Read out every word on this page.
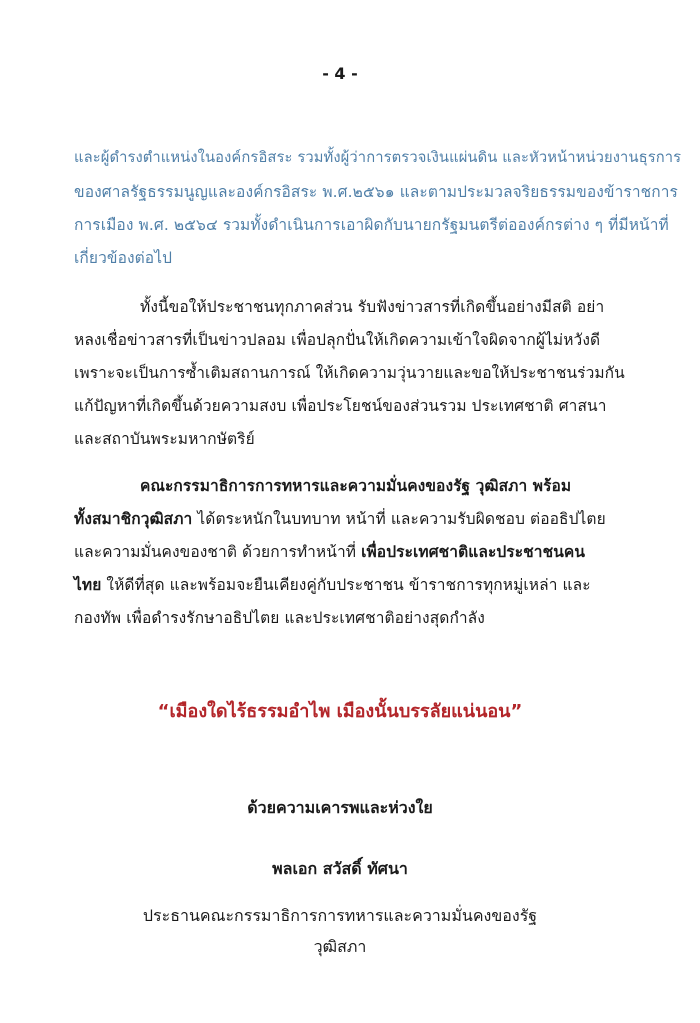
- 4 -
และผู้ดำรงตำแหน่งในองค์กรอิสระ รวมทั้งผู้ว่าการตรวจเงินแผ่นดิน และหัวหน้าหน่วยงานธุรการ
ของศาลรัฐธรรมนูญและองค์กรอิสระ พ.ศ.๒๕๖๑ และตามประมวลจริยธรรมของข้าราชการ
การเมือง พ.ศ. ๒๕๖๔ รวมทั้งดำเนินการเอาผิดกับนายกรัฐมนตรีต่อองค์กรต่าง ๆ ที่มีหน้าที่
เกี่ยวข้องต่อไป
ทั้งนี้ขอให้ประชาชนทุกภาคส่วน รับฟังข่าวสารที่เกิดขึ้นอย่างมีสติ อย่า
หลงเชื่อข่าวสารที่เป็นข่าวปลอม เพื่อปลุกปั่นให้เกิดความเข้าใจผิดจากผู้ไม่หวังดี
เพราะจะเป็นการซ้ำเติมสถานการณ์ ให้เกิดความวุ่นวายและขอให้ประชาชนร่วมกัน
แก้ปัญหาที่เกิดขึ้นด้วยความสงบ เพื่อประโยชน์ของส่วนรวม ประเทศชาติ ศาสนา
และสถาบันพระมหากษัตริย์
คณะกรรมาธิการการทหารและความมั่นคงของรัฐ วุฒิสภา พร้อม
ทั้งสมาชิกวุฒิสภา ได้ตระหนักในบทบาท หน้าที่ และความรับผิดชอบ ต่ออธิปไตย
และความมั่นคงของชาติ ด้วยการทำหน้าที่ เพื่อประเทศชาติและประชาชนคน
ไทย ให้ดีที่สุด และพร้อมจะยืนเคียงคู่กับประชาชน ข้าราชการทุกหมู่เหล่า และ
กองทัพ เพื่อดำรงรักษาอธิปไตย และประเทศชาติอย่างสุดกำลัง
“เมืองใดไร้ธรรมอำไพ เมืองนั้นบรรลัยแน่นอน”
ด้วยความเคารพและห่วงใย
พลเอก สวัสดิ์ ทัศนา
ประธานคณะกรรมาธิการการทหารและความมั่นคงของรัฐ
วุฒิสภา
